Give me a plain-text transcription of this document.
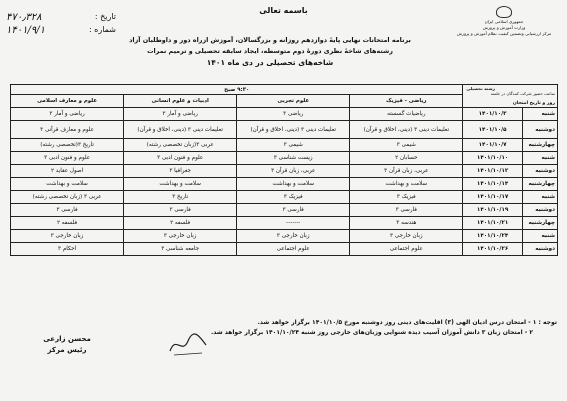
باسمه تعالی
جمهوری اسلامی ایران
وزارت آموزش و پرورش
مرکز ارزشیابی وتضمین کیفیت نظام آموزش و پرورش
تاریخ :
۴۷۰٫۳۲۸
شماره :
۱۴۰۱/۹/۱
برنامه امتحانات نهایی پایهٔ دوازدهم روزانه و بزرگسالان، آموزش ازراه دور و داوطلبان آزاد
رشته‌های شاخهٔ نظری دورهٔ دوم متوسطه، ایجاد سابقه تحصیلی و ترمیم نمرات
شاخه‌های تحصیلی در دی ماه ۱۴۰۱
رشته تحصیلی
روز و تاریخ امتحان
ساعت حضور شرکت کنندگان در جلسه		۹:۳۰ صبح			
		ریاضی - فیزیک	علوم تجربی	ادبیات و علوم انسانی	علوم و معارف اسلامی
شنبه	۱۴۰۱/۱۰/۳	ریاضیات گسسته	ریاضی ۳	ریاضی و آمار ۳	ریاضی و آمار ۳
دوشنبه	۱۴۰۱/۱۰/۵	تعلیمات دینی ۳ (دینی، اخلاق و قرآن)	تعلیمات دینی ۳ (دینی، اخلاق و قرآن)	تعلیمات دینی ۳ (دینی، اخلاق و قرآن)	علوم و معارف قرآنی ۳
چهارشنبه	۱۴۰۱/۱۰/۷	شیمی ۳	شیمی ۳	عربی ۳(زبان تخصصی رشته)	تاریخ ۳(تخصصی رشته)
شنبه	۱۴۰۱/۱۰/۱۰	حسابان ۲	زیست شناسی ۳	علوم و فنون ادبی ۳	علوم و فنون ادبی ۳
دوشنبه	۱۴۰۱/۱۰/۱۲	عربی، زبان قرآن ۳	عربی، زبان قرآن ۳	جغرافیا ۳	اصول عقاید ۲
چهارشنبه	۱۴۰۱/۱۰/۱۴	سلامت و بهداشت	سلامت و بهداشت	سلامت و بهداشت	سلامت و بهداشت
شنبه	۱۴۰۱/۱۰/۱۷	فیزیک ۳	فیزیک ۳	تاریخ ۳	عربی ۳ (زبان تخصصی رشته)
دوشنبه	۱۴۰۱/۱۰/۱۹	فارسی ۳	فارسی ۳	فارسی ۳	فارسی ۳
چهارشنبه	۱۴۰۱/۱۰/۲۱	هندسه ۳	-------	فلسفه ۲	فلسفه ۲
شنبه	۱۴۰۱/۱۰/۲۴	زبان خارجی ۳	زبان خارجی ۳	زبان خارجی ۳	زبان خارجی ۳
دوشنبه	۱۴۰۱/۱۰/۲۶	علوم اجتماعی	علوم اجتماعی	جامعه شناسی ۳	احکام ۳
توجه : ۱ - امتحان درس ادیان الهی (۳) اقلیت‌های دینی روز دوشنبه مورخ ۱۴۰۱/۱۰/۵ برگزار خواهد شد.
۲ - امتحان زبان ۳ دانش آموزان آسیب دیده شنوایی وزبان‌های خارجی روز شنبه ۱۴۰۱/۱۰/۲۴ برگزار خواهد شد.
محسن زارعی
رئیس مرکز
